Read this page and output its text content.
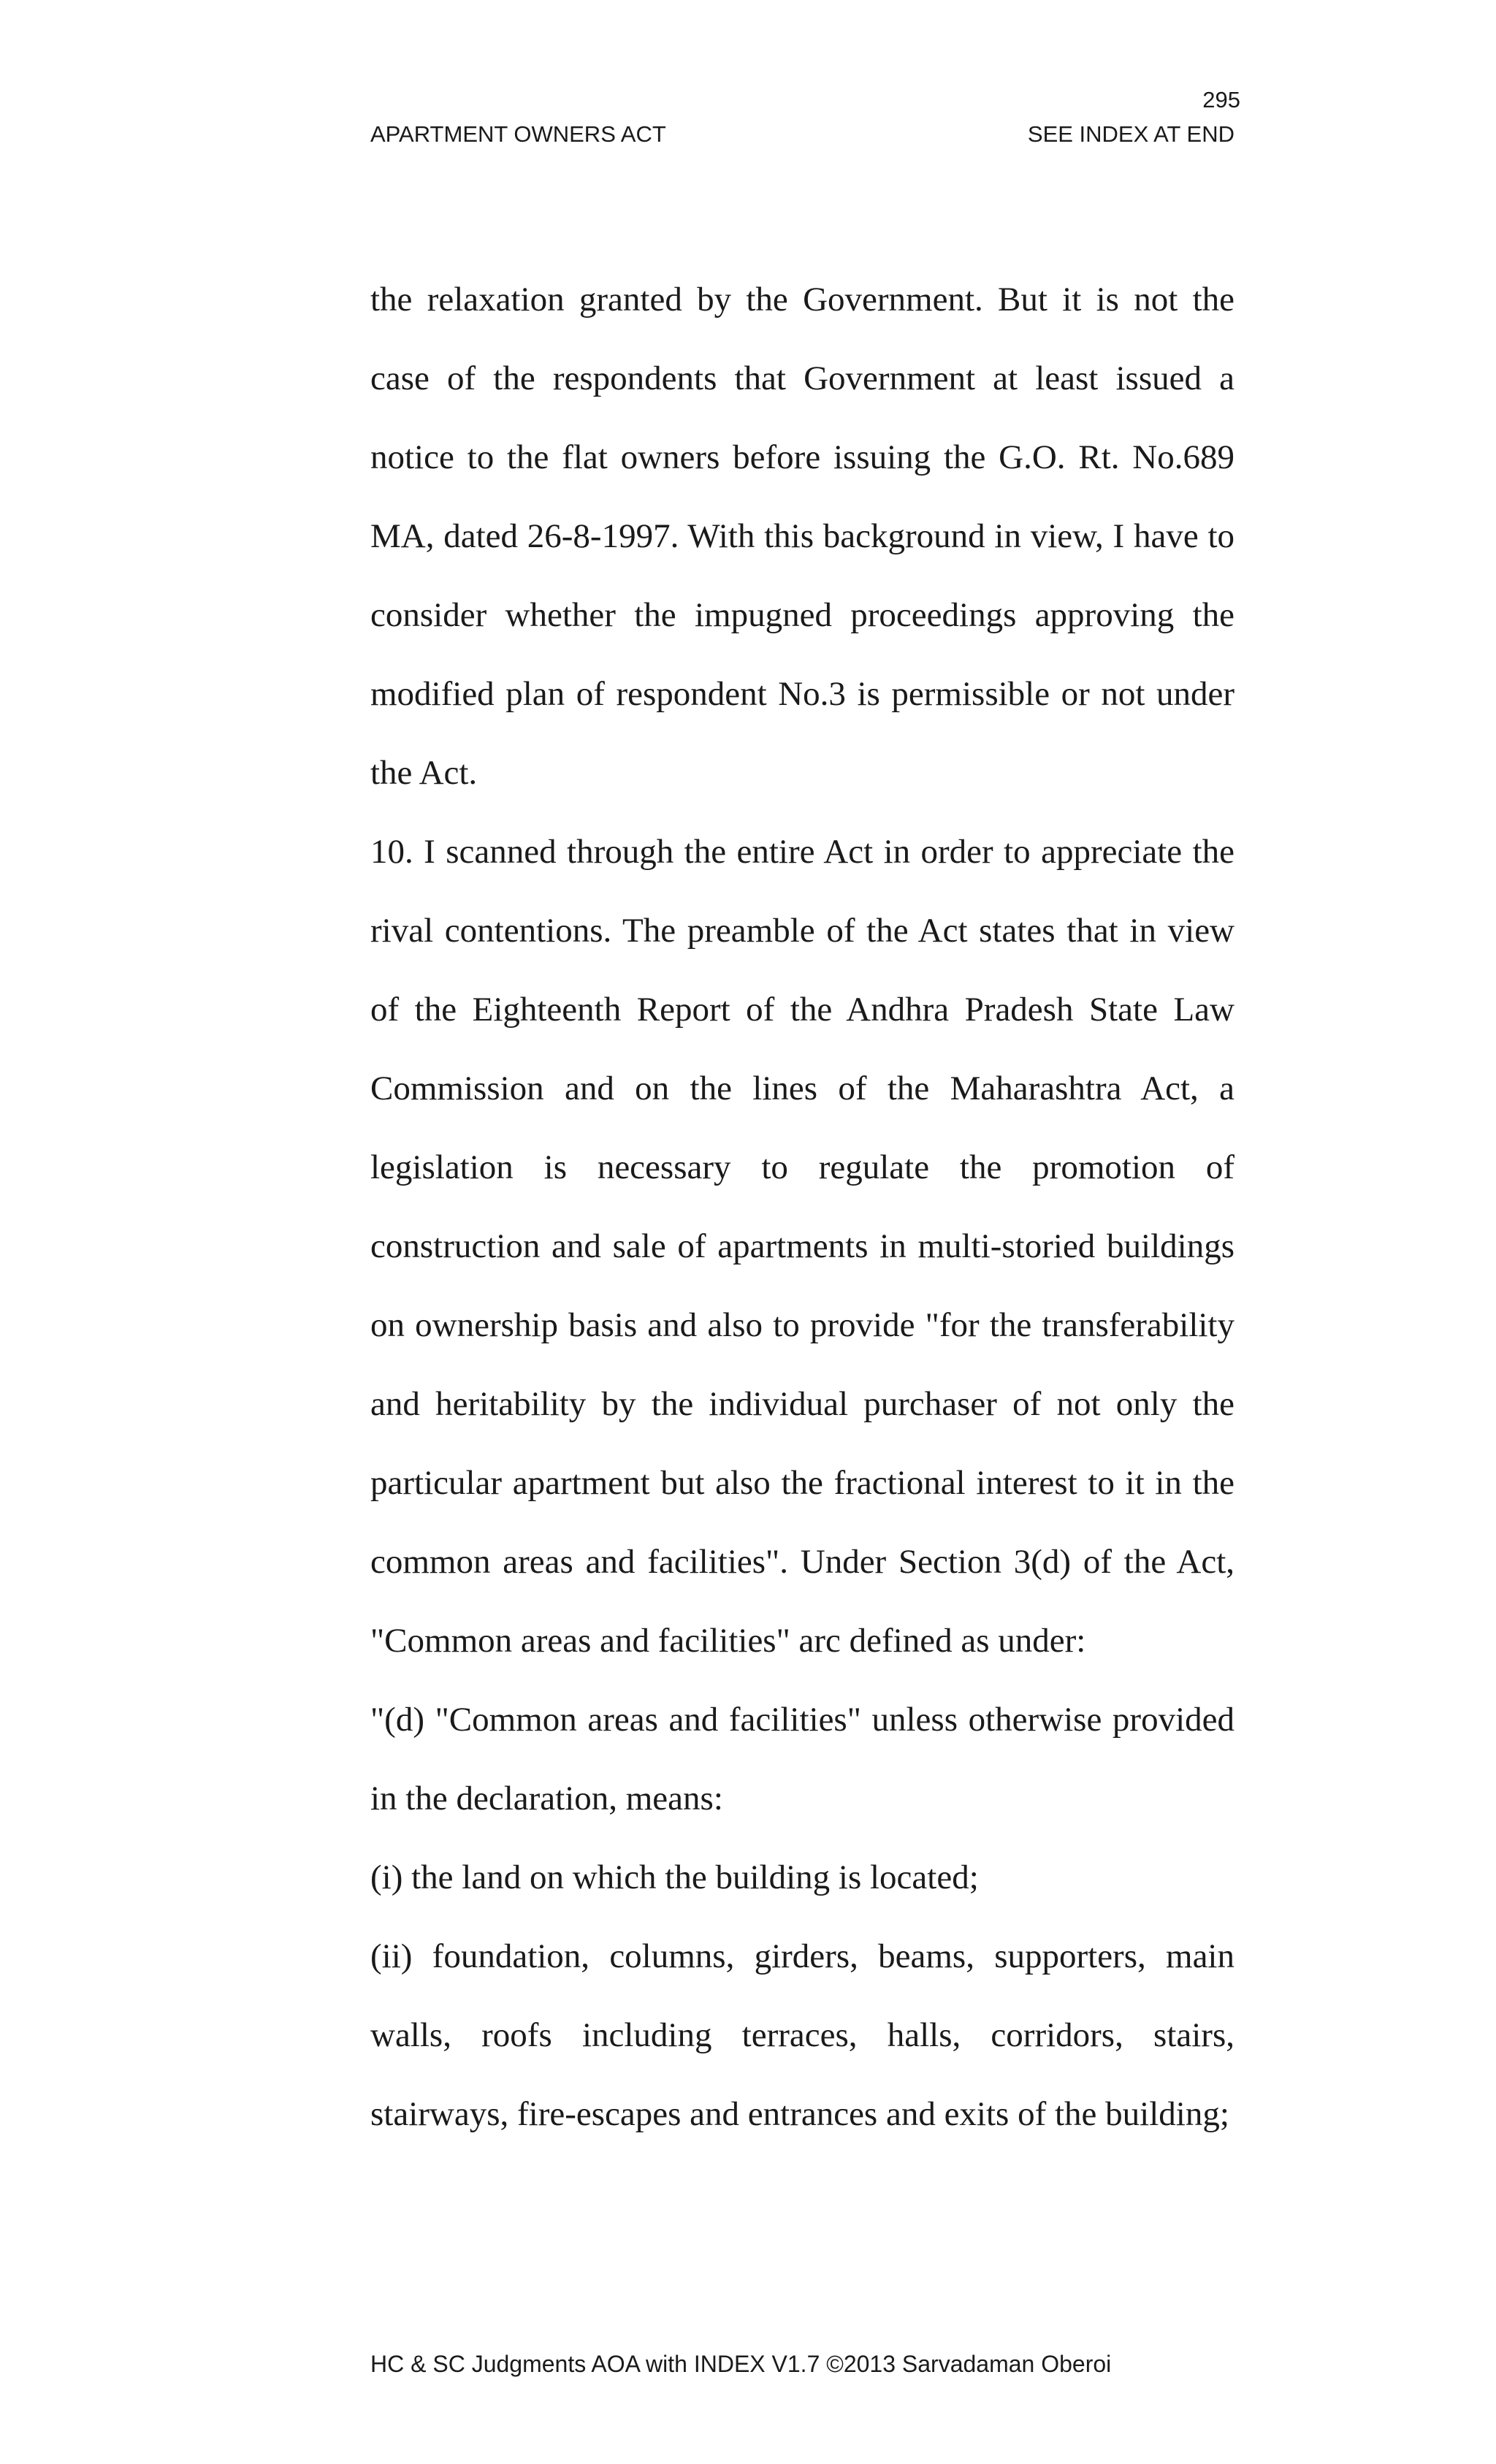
295
APARTMENT OWNERS ACT	SEE INDEX AT END

the relaxation granted by the Government. But it is not the case of the respondents that Government at least issued a notice to the flat owners before issuing the G.O. Rt. No.689 MA, dated 26-8-1997. With this background in view, I have to consider whether the impugned proceedings approving the modified plan of respondent No.3 is permissible or not under the Act.

10. I scanned through the entire Act in order to appreciate the rival contentions. The preamble of the Act states that in view of the Eighteenth Report of the Andhra Pradesh State Law Commission and on the lines of the Maharashtra Act, a legislation is necessary to regulate the promotion of construction and sale of apartments in multi-storied buildings on ownership basis and also to provide "for the transferability and heritability by the individual purchaser of not only the particular apartment but also the fractional interest to it in the common areas and facilities". Under Section 3(d) of the Act, "Common areas and facilities" arc defined as under:

"(d) "Common areas and facilities" unless otherwise provided in the declaration, means:

(i) the land on which the building is located;

(ii) foundation, columns, girders, beams, supporters, main walls, roofs including terraces, halls, corridors, stairs, stairways, fire-escapes and entrances and exits of the building;

HC & SC Judgments AOA with INDEX V1.7 ©2013 Sarvadaman Oberoi
